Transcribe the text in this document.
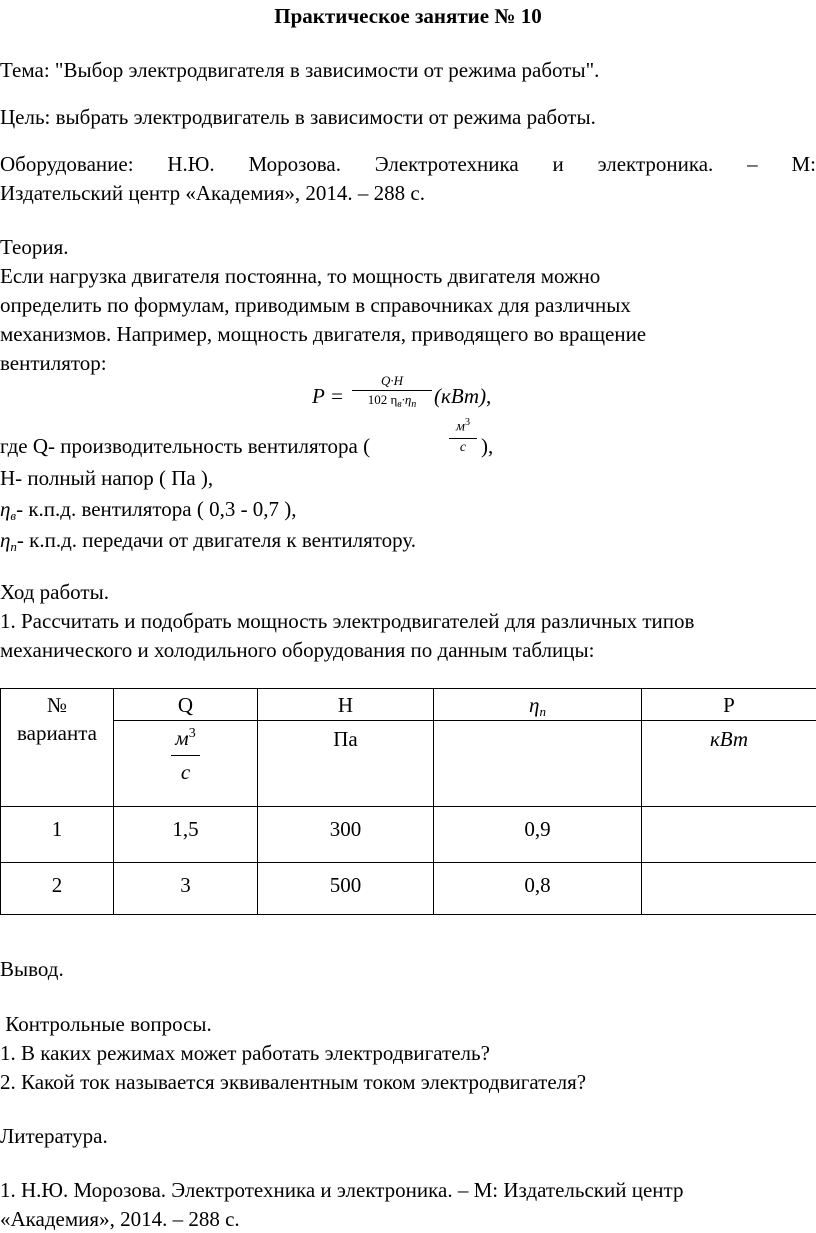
Практическое занятие № 10
Тема: "Выбор электродвигателя в зависимости от режима работы".
Цель: выбрать электродвигатель в зависимости от режима работы.
Оборудование: Н.Ю. Морозова. Электротехника и электроника. – М:
Издательский центр «Академия», 2014. – 288 с.
Теория.
Если нагрузка двигателя постоянна, то мощность двигателя можно
определить по формулам, приводимым в справочниках для различных
механизмов. Например, мощность двигателя, приводящего во вращение
вентилятор:
P =
Q·H
102 $\eta_в\cdot\eta_п$ (кВт),
где Q- производительность вентилятора (
$м^3$
с ),
H- полный напор ( Па ),
$\eta_в-$ к.п.д. вентилятора ( 0,3 - 0,7 ),
$\eta_п-$ к.п.д. передачи от двигателя к вентилятору.
Ход работы.
1. Рассчитать и подобрать мощность электродвигателей для различных типов
механического и холодильного оборудования по данным таблицы:
№
варианта	Q	H	$\eta_п$	P

	$м^3$
с	Па		кВт
1	1,5	300	0,9	
2	3	500	0,8	
Вывод.
Контрольные вопросы.
1. В каких режимах может работать электродвигатель?
2. Какой ток называется эквивалентным током электродвигателя?
Литература.
1. Н.Ю. Морозова. Электротехника и электроника. – М: Издательский центр
«Академия», 2014. – 288 с.
